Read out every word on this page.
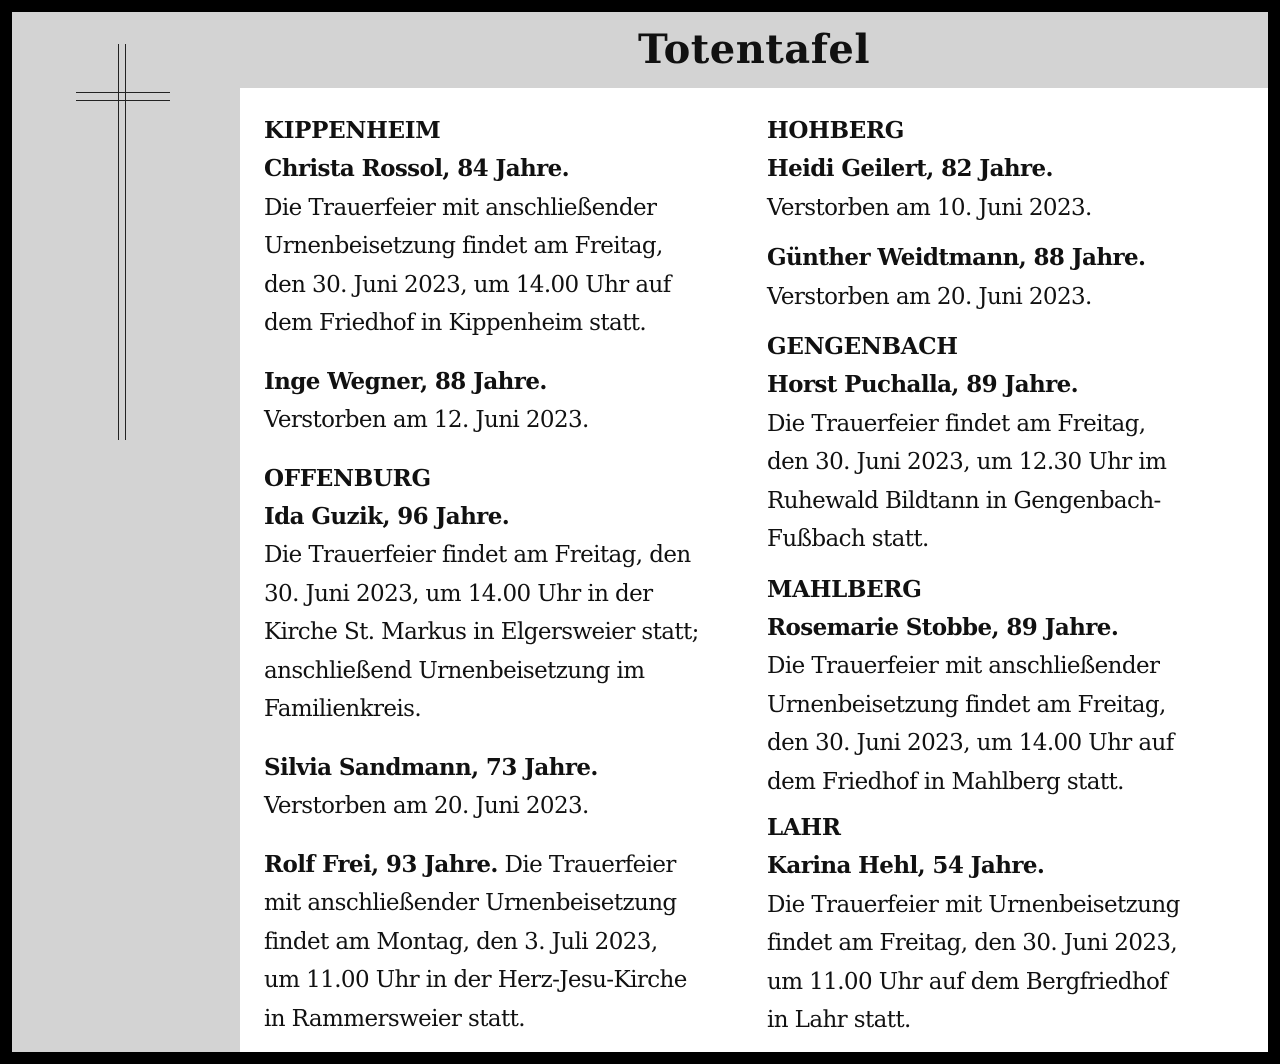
Totentafel
KIPPENHEIM
Christa Rossol, 84 Jahre.
Die Trauerfeier mit anschließender
Urnenbeisetzung findet am Freitag,
den 30. Juni 2023, um 14.00 Uhr auf
dem Friedhof in Kippenheim statt.
Inge Wegner, 88 Jahre.
Verstorben am 12. Juni 2023.
OFFENBURG
Ida Guzik, 96 Jahre.
Die Trauerfeier findet am Freitag, den
30. Juni 2023, um 14.00 Uhr in der
Kirche St. Markus in Elgersweier statt;
anschließend Urnenbeisetzung im
Familienkreis.
Silvia Sandmann, 73 Jahre.
Verstorben am 20. Juni 2023.
Rolf Frei, 93 Jahre. Die Trauerfeier
mit anschließender Urnenbeisetzung
findet am Montag, den 3. Juli 2023,
um 11.00 Uhr in der Herz-Jesu-Kirche
in Rammersweier statt.
HOHBERG
Heidi Geilert, 82 Jahre.
Verstorben am 10. Juni 2023.
Günther Weidtmann, 88 Jahre.
Verstorben am 20. Juni 2023.
GENGENBACH
Horst Puchalla, 89 Jahre.
Die Trauerfeier findet am Freitag,
den 30. Juni 2023, um 12.30 Uhr im
Ruhewald Bildtann in Gengenbach-
Fußbach statt.
MAHLBERG
Rosemarie Stobbe, 89 Jahre.
Die Trauerfeier mit anschließender
Urnenbeisetzung findet am Freitag,
den 30. Juni 2023, um 14.00 Uhr auf
dem Friedhof in Mahlberg statt.
LAHR
Karina Hehl, 54 Jahre.
Die Trauerfeier mit Urnenbeisetzung
findet am Freitag, den 30. Juni 2023,
um 11.00 Uhr auf dem Bergfriedhof
in Lahr statt.
